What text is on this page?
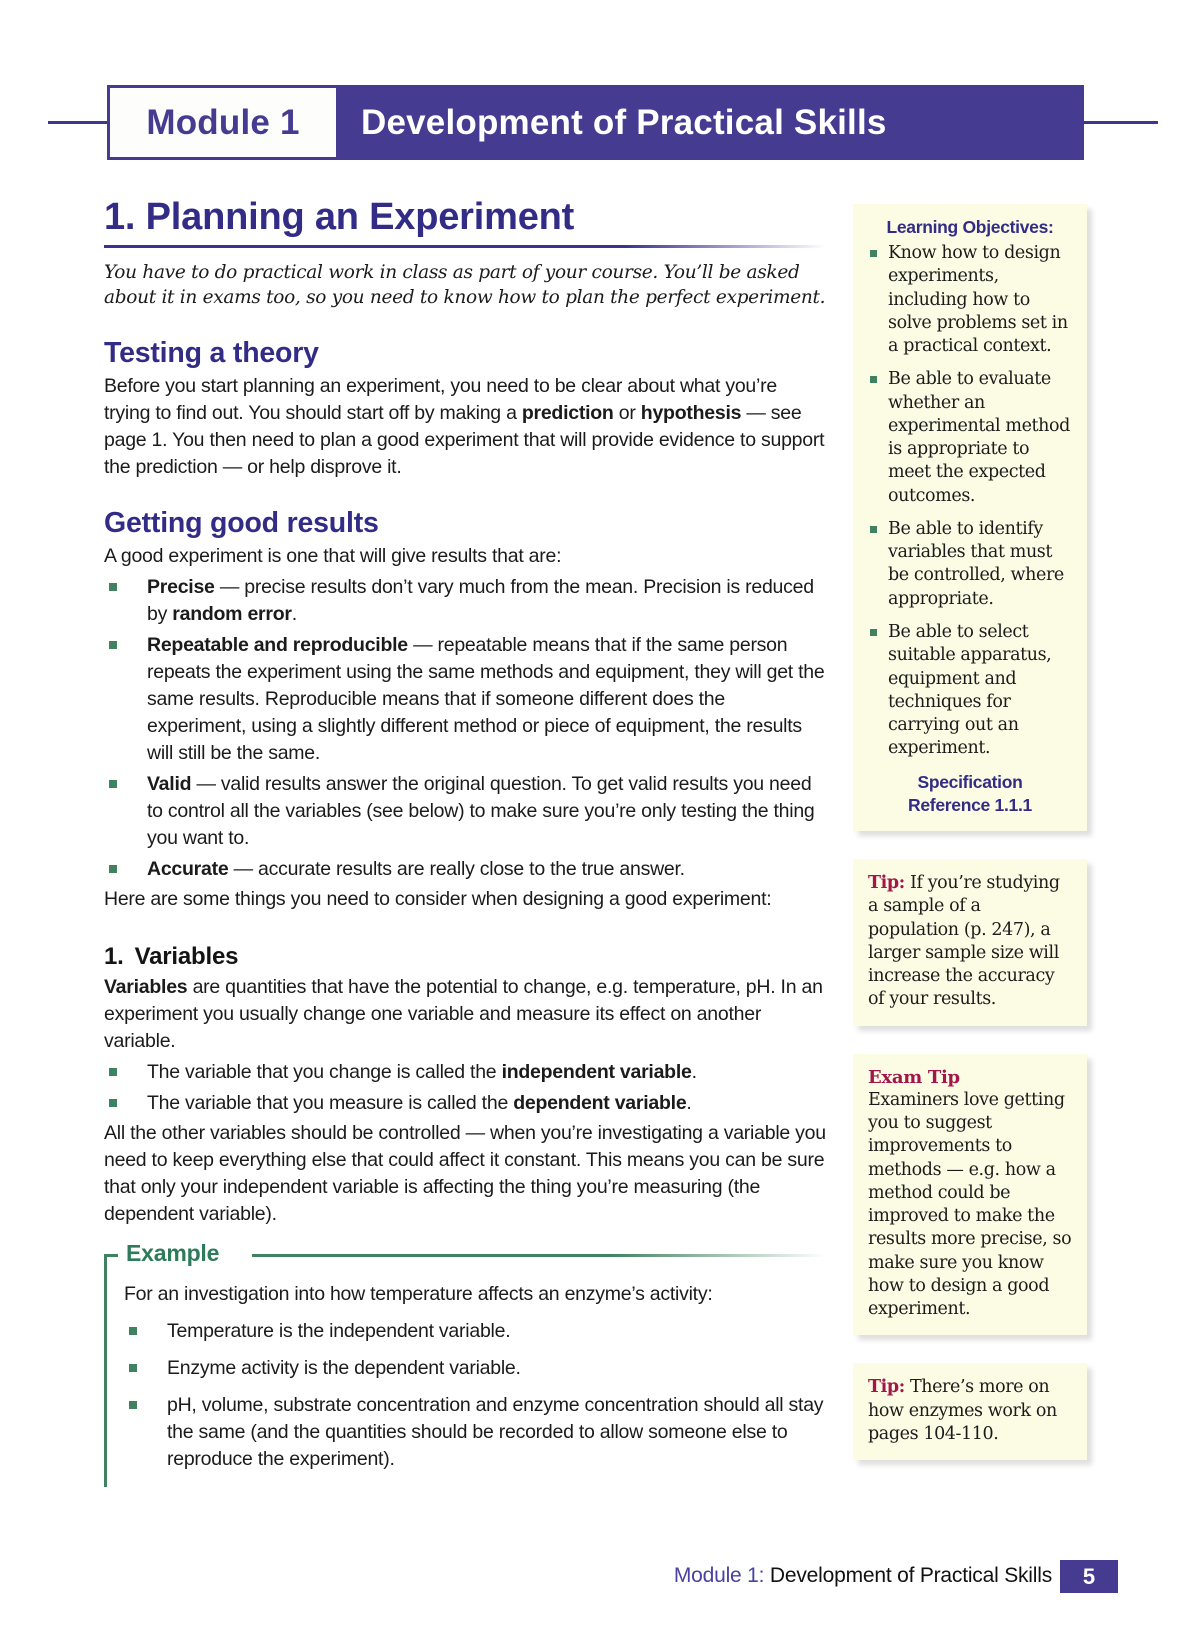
Module 1	Development of Practical Skills
1. Planning an Experiment
You have to do practical work in class as part of your course. You’ll be asked about it in exams too, so you need to know how to plan the perfect experiment.
Testing a theory

Before you start planning an experiment, you need to be clear about what you’re trying to find out. You should start off by making a prediction or hypothesis — see page 1. You then need to plan a good experiment that will provide evidence to support the prediction — or help disprove it.

Getting good results

A good experiment is one that will give results that are:

Precise — precise results don’t vary much from the mean. Precision is reduced by random error.
Repeatable and reproducible — repeatable means that if the same person repeats the experiment using the same methods and equipment, they will get the same results. Reproducible means that if someone different does the experiment, using a slightly different method or piece of equipment, the results will still be the same.
Valid — valid results answer the original question. To get valid results you need to control all the variables (see below) to make sure you’re only testing the thing you want to.
Accurate — accurate results are really close to the true answer.

Here are some things you need to consider when designing a good experiment:

1. Variables

Variables are quantities that have the potential to change, e.g. temperature, pH. In an experiment you usually change one variable and measure its effect on another variable.

The variable that you change is called the independent variable.
The variable that you measure is called the dependent variable.

All the other variables should be controlled — when you’re investigating a variable you need to keep everything else that could affect it constant. This means you can be sure that only your independent variable is affecting the thing you’re measuring (the dependent variable).

Example

For an investigation into how temperature affects an enzyme’s activity:

Temperature is the independent variable.
Enzyme activity is the dependent variable.
pH, volume, substrate concentration and enzyme concentration should all stay the same (and the quantities should be recorded to allow someone else to reproduce the experiment).
Learning Objectives:
Know how to design experiments, including how to solve problems set in a practical context.
Be able to evaluate whether an experimental method is appropriate to meet the expected outcomes.
Be able to identify variables that must be controlled, where appropriate.
Be able to select suitable apparatus, equipment and techniques for carrying out an experiment.
Specification
Reference 1.1.1
Tip: If you’re studying a sample of a population (p. 247), a larger sample size will increase the accuracy of your results.
Exam Tip
Examiners love getting you to suggest improvements to methods — e.g. how a method could be improved to make the results more precise, so make sure you know how to design a good experiment.
Tip: There’s more on how enzymes work on pages 104-110.
Module 1: Development of Practical Skills	5
